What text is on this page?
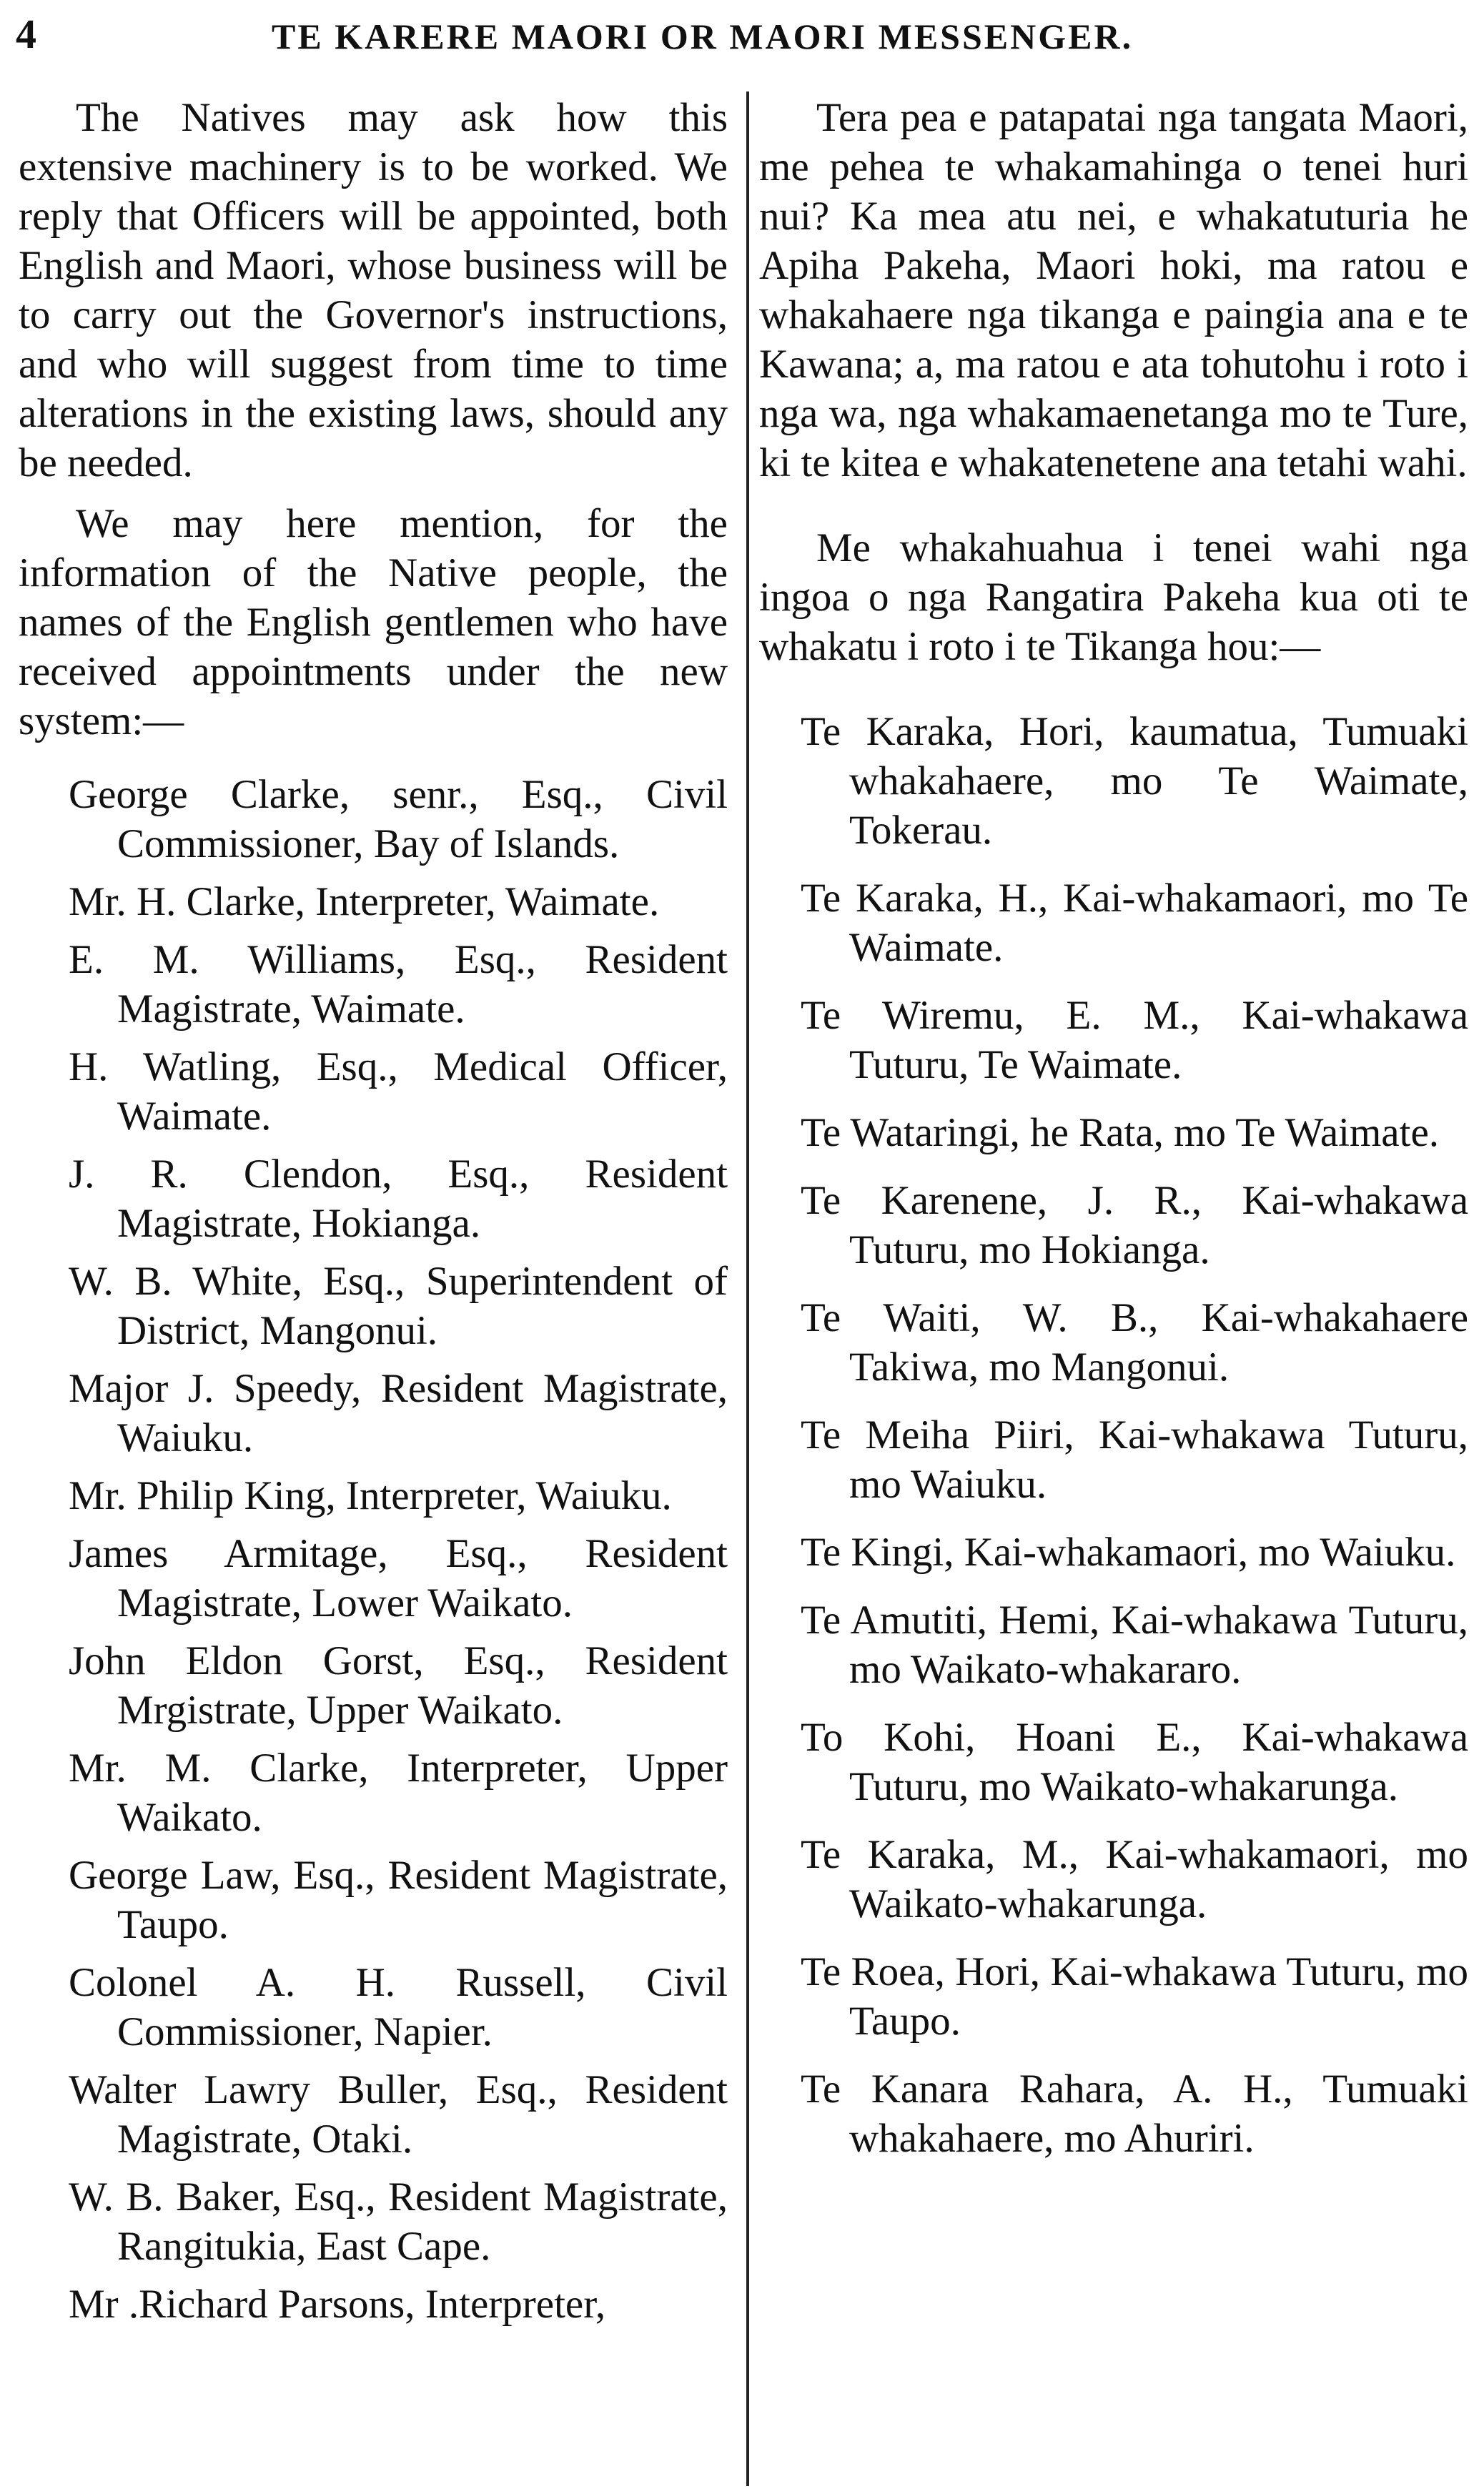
4	TE KARERE MAORI OR MAORI MESSENGER.

The Natives may ask how this extensive machinery is to be worked. We reply that Officers will be appointed, both English and Maori, whose business will be to carry out the Governor's instructions, and who will suggest from time to time alterations in the existing laws, should any be needed.

We may here mention, for the information of the Native people, the names of the English gentlemen who have received appointments under the new system:—

George Clarke, senr., Esq., Civil Commissioner, Bay of Islands.

Mr. H. Clarke, Interpreter, Waimate.

E. M. Williams, Esq., Resident Magistrate, Waimate.

H. Watling, Esq., Medical Officer, Waimate.

J. R. Clendon, Esq., Resident Magistrate, Hokianga.

W. B. White, Esq., Superintendent of District, Mangonui.

Major J. Speedy, Resident Magistrate, Waiuku.

Mr. Philip King, Interpreter, Waiuku.

James Armitage, Esq., Resident Magistrate, Lower Waikato.

John Eldon Gorst, Esq., Resident Mrgistrate, Upper Waikato.

Mr. M. Clarke, Interpreter, Upper Waikato.

George Law, Esq., Resident Magistrate, Taupo.

Colonel A. H. Russell, Civil Commissioner, Napier.

Walter Lawry Buller, Esq., Resident Magistrate, Otaki.

W. B. Baker, Esq., Resident Magistrate, Rangitukia, East Cape.

Mr .Richard Parsons, Interpreter,

Tera pea e patapatai nga tangata Maori, me pehea te whakamahinga o tenei huri nui? Ka mea atu nei, e whakatuturia he Apiha Pakeha, Maori hoki, ma ratou e whakahaere nga tikanga e paingia ana e te Kawana; a, ma ratou e ata tohutohu i roto i nga wa, nga whakamaenetanga mo te Ture, ki te kitea e whakatenetene ana tetahi wahi.

Me whakahuahua i tenei wahi nga ingoa o nga Rangatira Pakeha kua oti te whakatu i roto i te Tikanga hou:—

Te Karaka, Hori, kaumatua, Tumuaki whakahaere, mo Te Waimate, Tokerau.

Te Karaka, H., Kai-whakamaori, mo Te Waimate.

Te Wiremu, E. M., Kai-whakawa Tuturu, Te Waimate.

Te Wataringi, he Rata, mo Te Waimate.

Te Karenene, J. R., Kai-whakawa Tuturu, mo Hokianga.

Te Waiti, W. B., Kai-whakahaere Takiwa, mo Mangonui.

Te Meiha Piiri, Kai-whakawa Tuturu, mo Waiuku.

Te Kingi, Kai-whakamaori, mo Waiuku.

Te Amutiti, Hemi, Kai-whakawa Tuturu, mo Waikato-whakararo.

To Kohi, Hoani E., Kai-whakawa Tuturu, mo Waikato-whakarunga.

Te Karaka, M., Kai-whakamaori, mo Waikato-whakarunga.

Te Roea, Hori, Kai-whakawa Tuturu, mo Taupo.

Te Kanara Rahara, A. H., Tumuaki whakahaere, mo Ahuriri.
